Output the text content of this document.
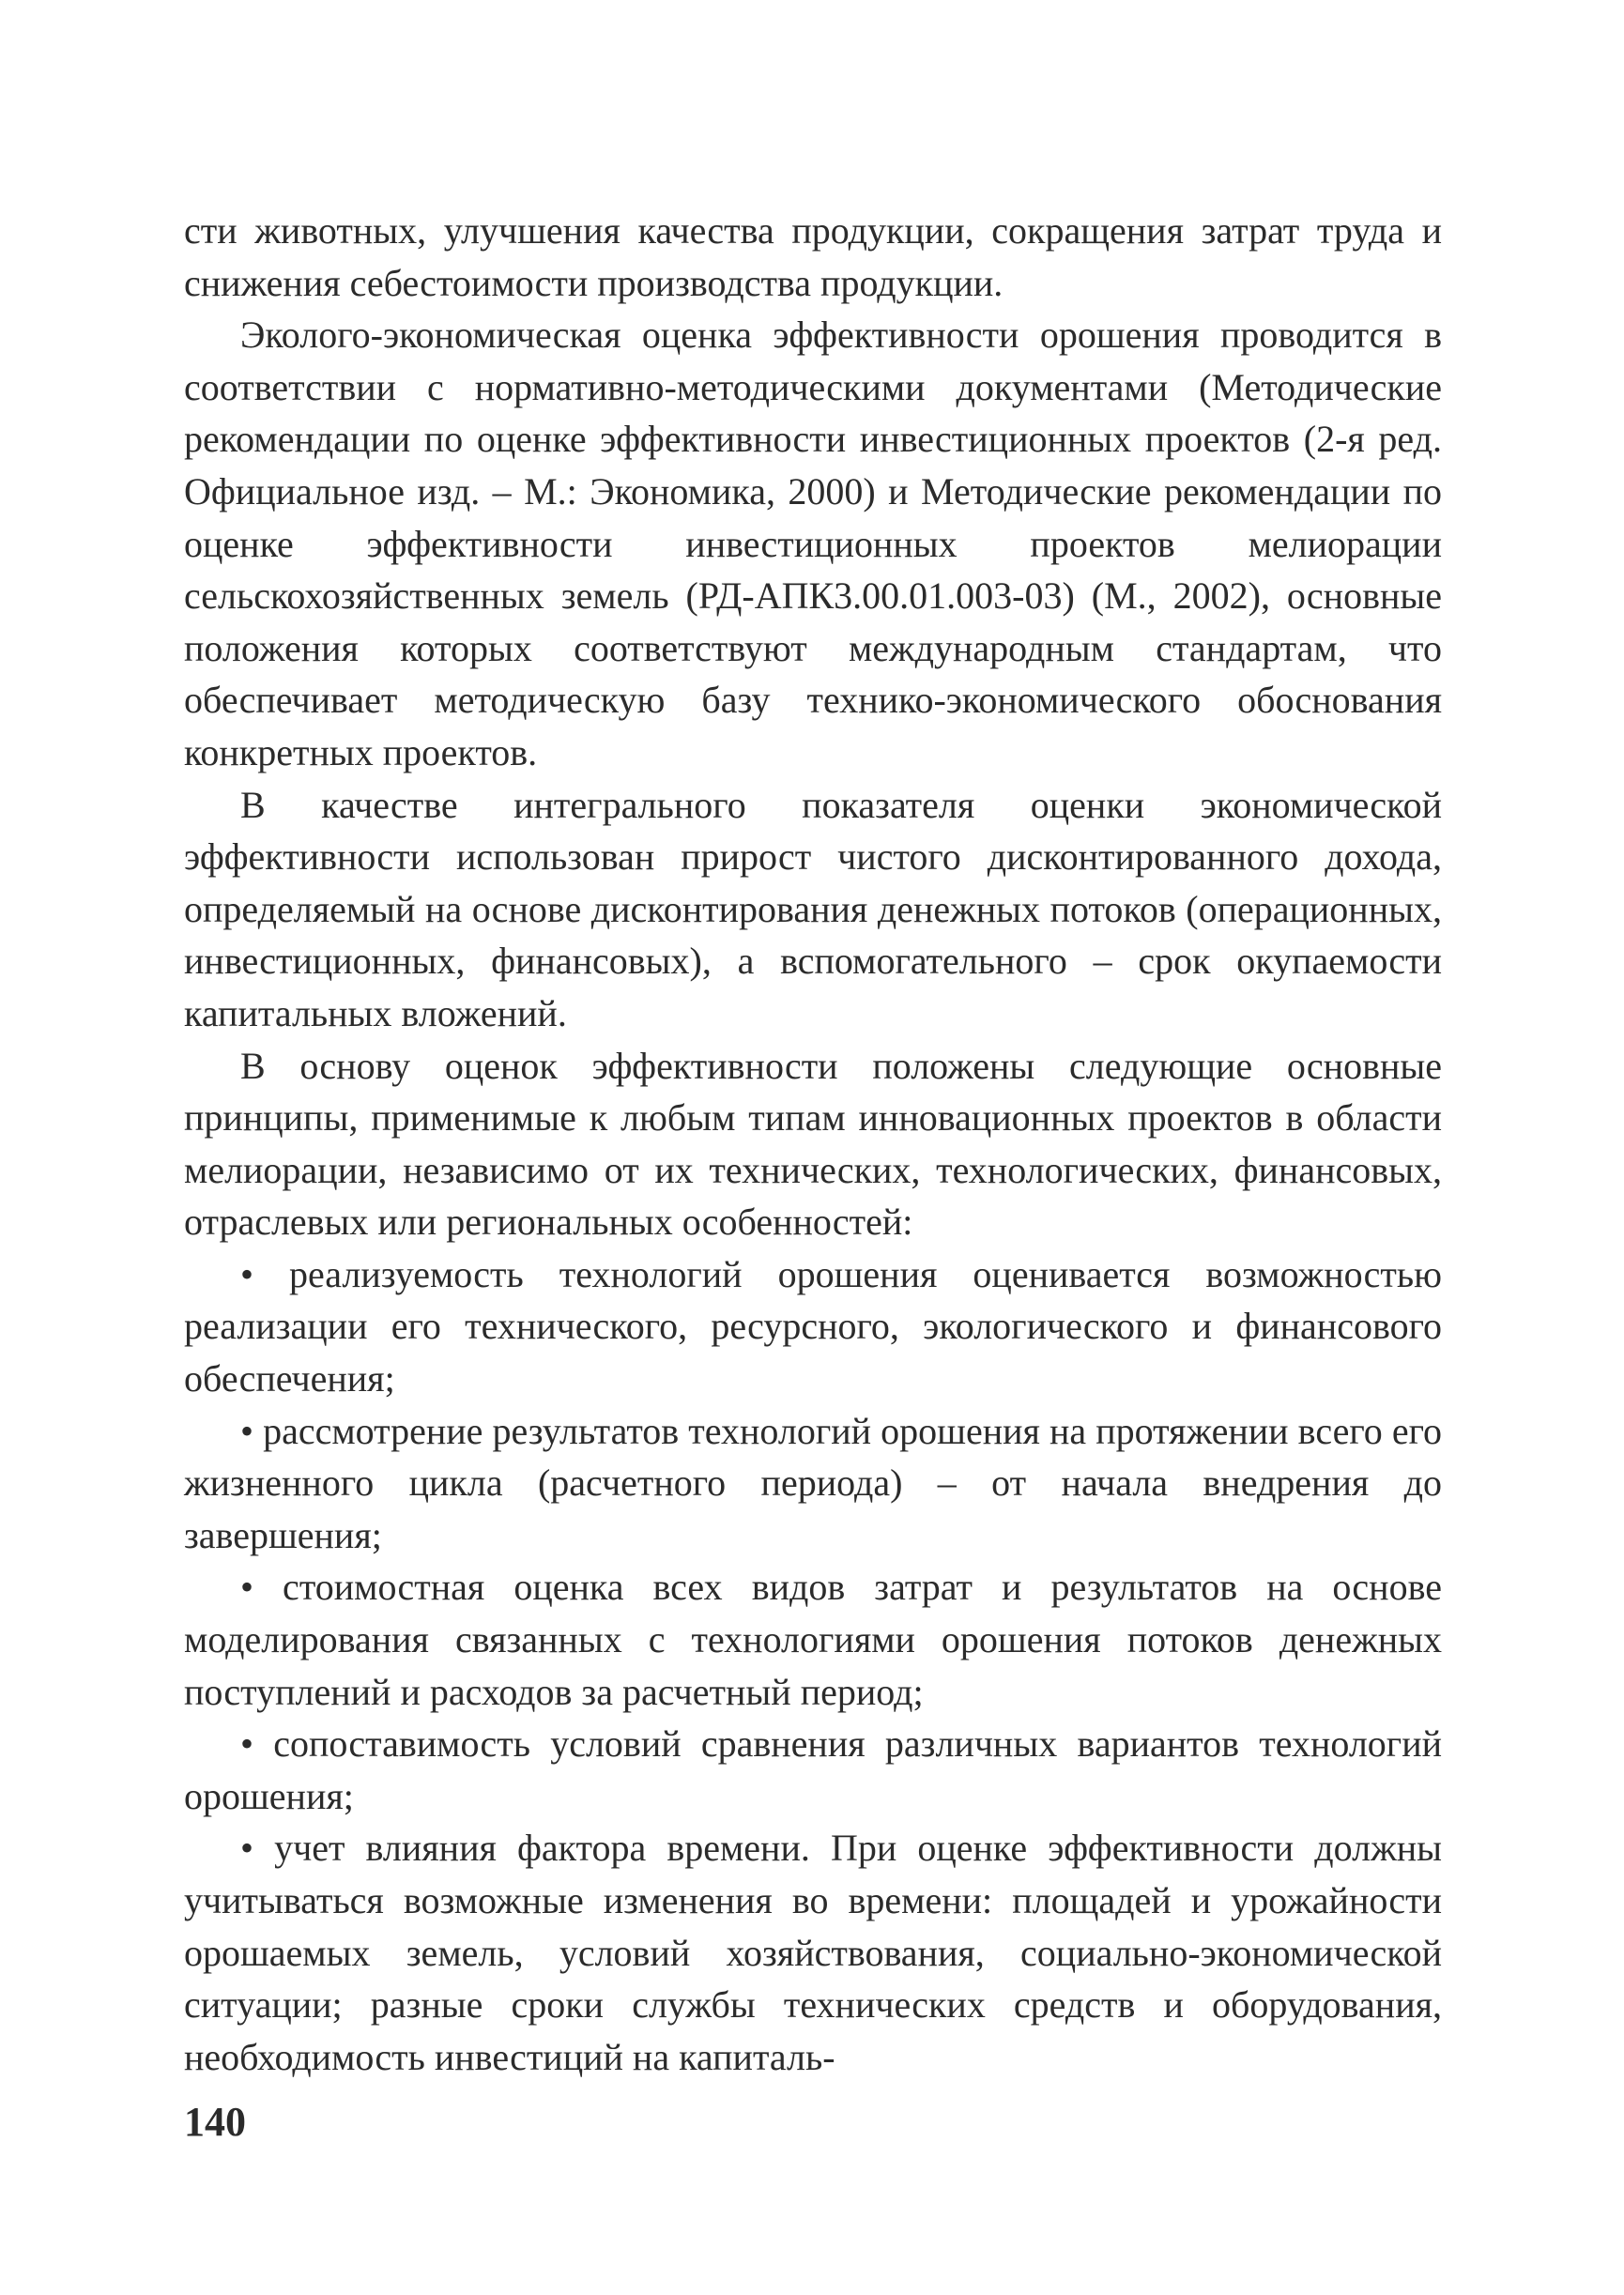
сти животных, улучшения качества продукции, сокращения затрат труда и снижения себестоимости производства продукции.

Эколого-экономическая оценка эффективности орошения проводится в соответствии с нормативно-методическими документами (Методические рекомендации по оценке эффективности инвестиционных проектов (2-я ред. Официальное изд. – М.: Экономика, 2000) и Методические рекомендации по оценке эффективности инвестиционных проектов мелиорации сельскохозяйственных земель (РД-АПК3.00.01.003-03) (М., 2002), основные положения которых соответствуют международным стандартам, что обеспечивает методическую базу технико-экономического обоснования конкретных проектов.

В качестве интегрального показателя оценки экономической эффективности использован прирост чистого дисконтированного дохода, определяемый на основе дисконтирования денежных потоков (операционных, инвестиционных, финансовых), а вспомогательного – срок окупаемости капитальных вложений.

В основу оценок эффективности положены следующие основные принципы, применимые к любым типам инновационных проектов в области мелиорации, независимо от их технических, технологических, финансовых, отраслевых или региональных особенностей:

• реализуемость технологий орошения оценивается возможностью реализации его технического, ресурсного, экологического и финансового обеспечения;

• рассмотрение результатов технологий орошения на протяжении всего его жизненного цикла (расчетного периода) – от начала внедрения до завершения;

• стоимостная оценка всех видов затрат и результатов на основе моделирования связанных с технологиями орошения потоков денежных поступлений и расходов за расчетный период;

• сопоставимость условий сравнения различных вариантов технологий орошения;

• учет влияния фактора времени. При оценке эффективности должны учитываться возможные изменения во времени: площадей и урожайности орошаемых земель, условий хозяйствования, социально-экономической ситуации; разные сроки службы технических средств и оборудования, необходимость инвестиций на капиталь-

140
